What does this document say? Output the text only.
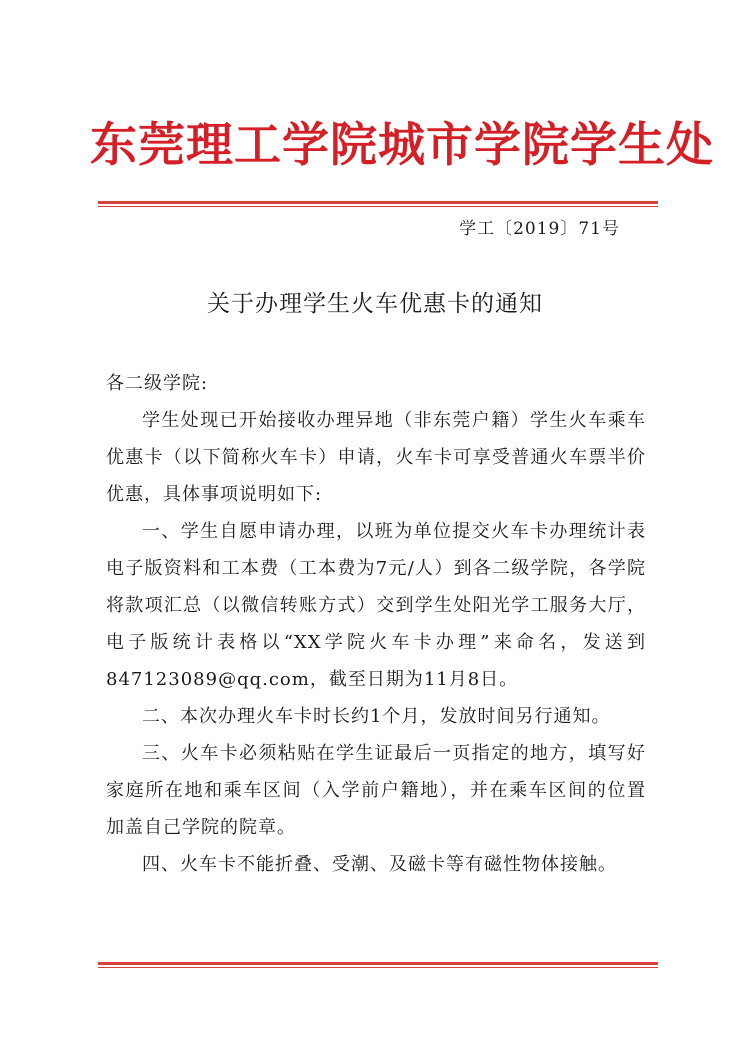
东莞理工学院城市学院学生处
学工〔2019〕71号
关于办理学生火车优惠卡的通知
各二级学院:

学生处现已开始接收办理异地（非东莞户籍）学生火车乘车优惠卡（以下简称火车卡）申请，火车卡可享受普通火车票半价优惠，具体事项说明如下:

一、学生自愿申请办理，以班为单位提交火车卡办理统计表电子版资料和工本费（工本费为7元/人）到各二级学院，各学院将款项汇总（以微信转账方式）交到学生处阳光学工服务大厅，电子版统计表格以“XX学院火车卡办理”来命名，发送到847123089@qq.com，截至日期为11月8日。

二、本次办理火车卡时长约1个月，发放时间另行通知。

三、火车卡必须粘贴在学生证最后一页指定的地方，填写好家庭所在地和乘车区间（入学前户籍地），并在乘车区间的位置加盖自己学院的院章。

四、火车卡不能折叠、受潮、及磁卡等有磁性物体接触。
